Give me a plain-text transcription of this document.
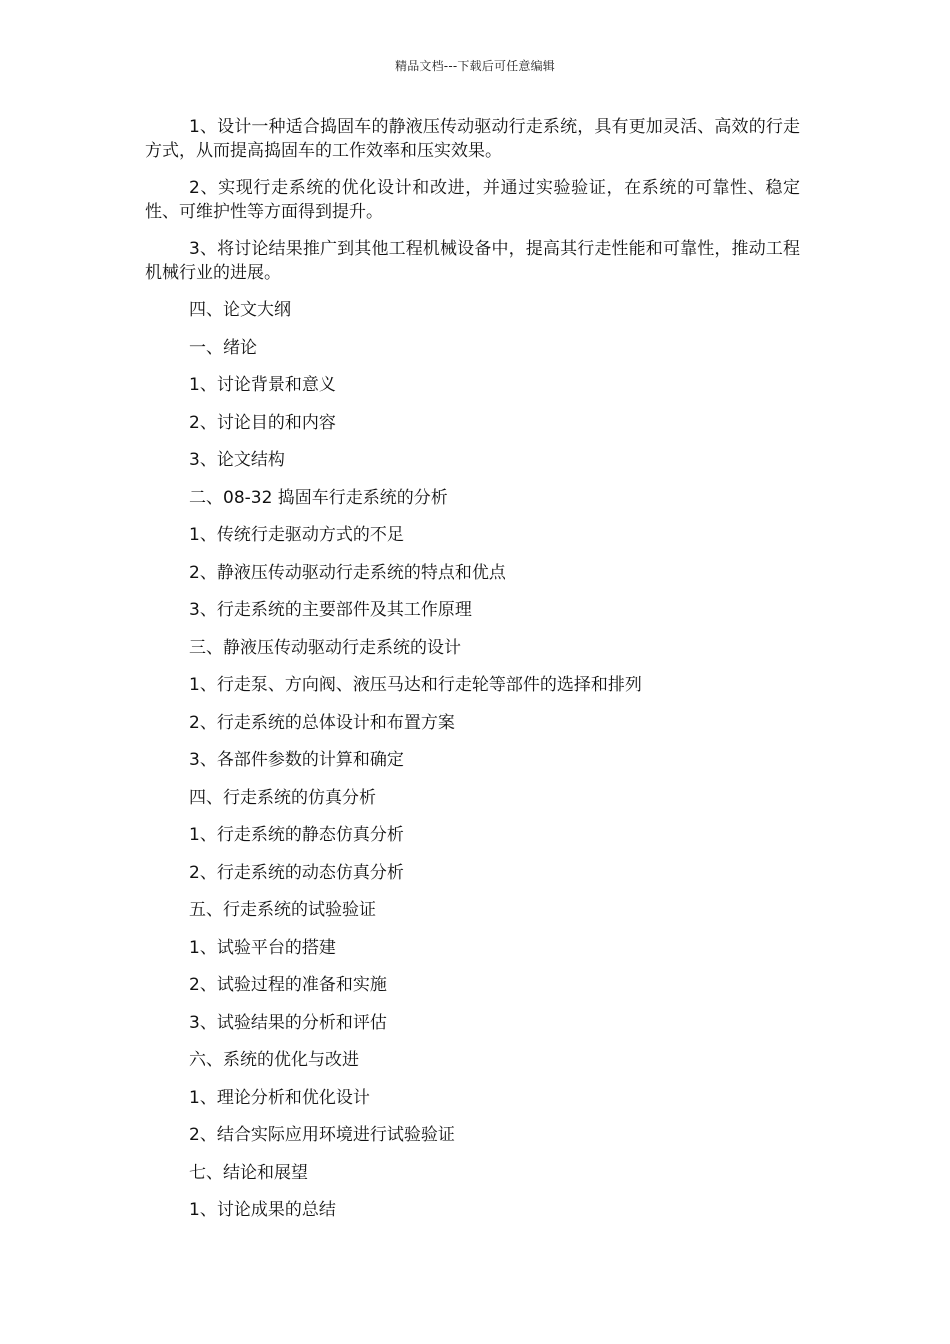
精品文档---下载后可任意编辑

1、设计一种适合捣固车的静液压传动驱动行走系统，具有更加灵活、高效的行走方式，从而提高捣固车的工作效率和压实效果。

2、实现行走系统的优化设计和改进，并通过实验验证，在系统的可靠性、稳定性、可维护性等方面得到提升。

3、将讨论结果推广到其他工程机械设备中，提高其行走性能和可靠性，推动工程机械行业的进展。

四、论文大纲
一、绪论
1、讨论背景和意义
2、讨论目的和内容
3、论文结构
二、08-32 捣固车行走系统的分析
1、传统行走驱动方式的不足
2、静液压传动驱动行走系统的特点和优点
3、行走系统的主要部件及其工作原理
三、静液压传动驱动行走系统的设计
1、行走泵、方向阀、液压马达和行走轮等部件的选择和排列
2、行走系统的总体设计和布置方案
3、各部件参数的计算和确定
四、行走系统的仿真分析
1、行走系统的静态仿真分析
2、行走系统的动态仿真分析
五、行走系统的试验验证
1、试验平台的搭建
2、试验过程的准备和实施
3、试验结果的分析和评估
六、系统的优化与改进
1、理论分析和优化设计
2、结合实际应用环境进行试验验证
七、结论和展望
1、讨论成果的总结
